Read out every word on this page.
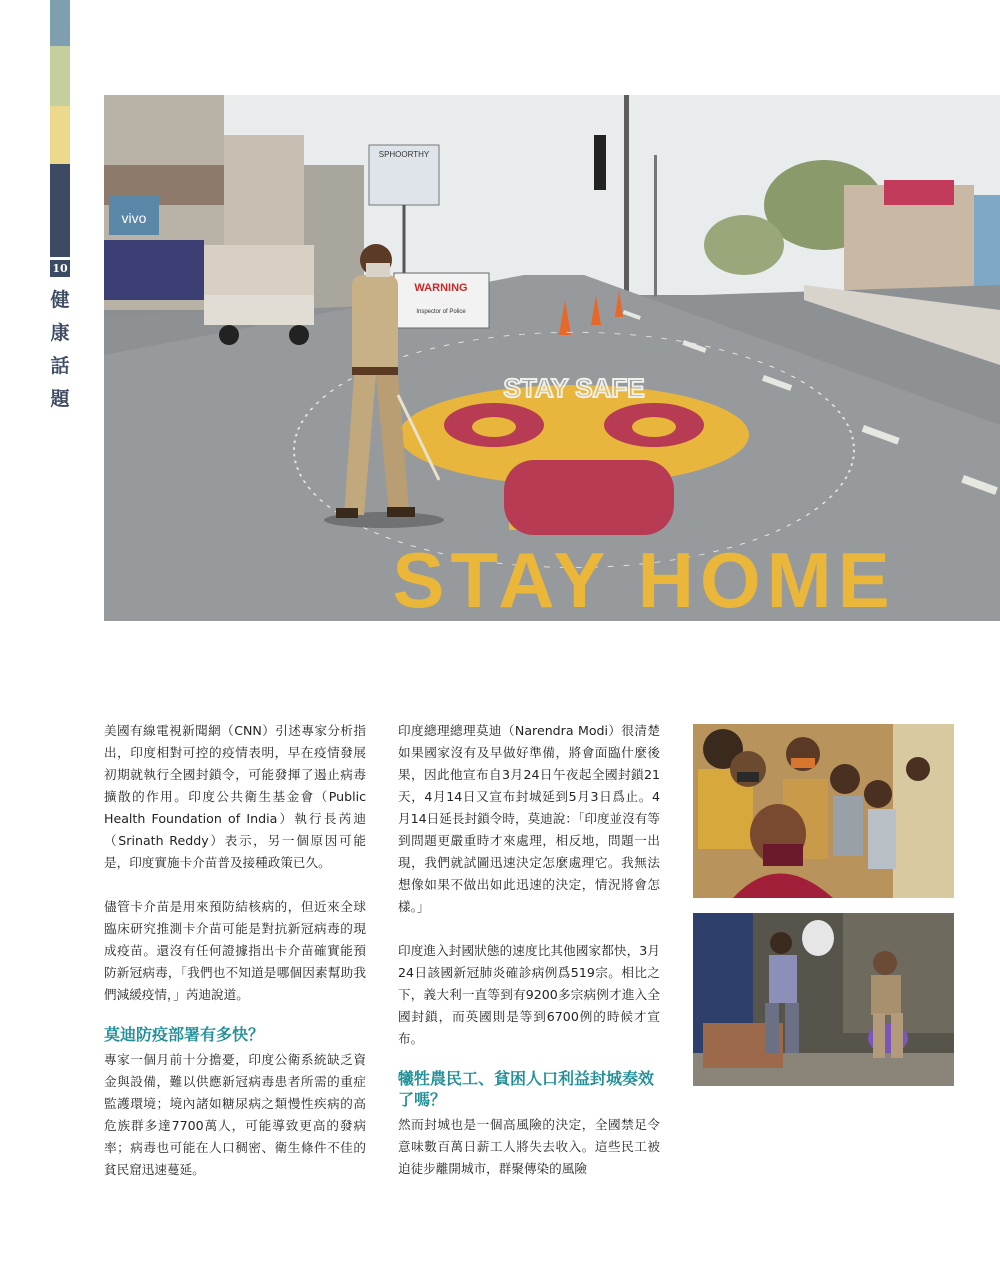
10
健
康
話
題
vivo
SPHOORTHY
WARNING
Inspector of Police
STAY SAFE
STAY HOME

美國有線電視新聞網（CNN）引述專家分析指出，印度相對可控的疫情表明，早在疫情發展初期就執行全國封鎖令，可能發揮了遏止病毒擴散的作用。印度公共衛生基金會（Public Health Foundation of India）執行長芮迪（Srinath Reddy）表示，另一個原因可能是，印度實施卡介苗普及接種政策已久。

儘管卡介苗是用來預防結核病的，但近來全球臨床研究推測卡介苗可能是對抗新冠病毒的現成疫苗。還沒有任何證據指出卡介苗確實能預防新冠病毒，「我們也不知道是哪個因素幫助我們減緩疫情，」芮迪說道。

莫迪防疫部署有多快？

專家一個月前十分擔憂，印度公衛系統缺乏資金與設備，難以供應新冠病毒患者所需的重症監護環境；境內諸如糖尿病之類慢性疾病的高危族群多達7700萬人，可能導致更高的發病率；病毒也可能在人口稠密、衛生條件不佳的貧民窟迅速蔓延。

印度總理總理莫迪（Narendra Modi）很清楚如果國家沒有及早做好準備，將會面臨什麼後果，因此他宣布自3月24日午夜起全國封鎖21天，4月14日又宣布封城延到5月3日爲止。4月14日延長封鎖令時，莫迪說：「印度並沒有等到問題更嚴重時才來處理，相反地，問題一出現，我們就試圖迅速決定怎麼處理它。我無法想像如果不做出如此迅速的決定，情況將會怎樣。」

印度進入封國狀態的速度比其他國家都快，3月24日該國新冠肺炎確診病例爲519宗。相比之下，義大利一直等到有9200多宗病例才進入全國封鎖，而英國則是等到6700例的時候才宣布。

犧牲農民工、貧困人口利益封城奏效了嗎？

然而封城也是一個高風險的決定，全國禁足令意味數百萬日薪工人將失去收入。這些民工被迫徒步離開城市，群聚傳染的風險
